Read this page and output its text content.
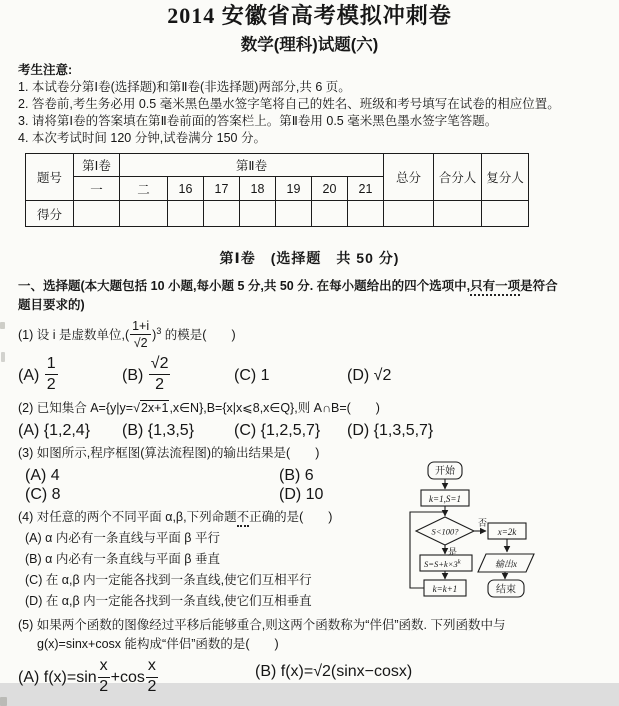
2014 安徽省高考模拟冲刺卷
数学(理科)试题(六)
考生注意:
1. 本试卷分第Ⅰ卷(选择题)和第Ⅱ卷(非选择题)两部分,共 6 页。
2. 答卷前,考生务必用 0.5 毫米黑色墨水签字笔将自己的姓名、班级和考号填写在试卷的相应位置。
3. 请将第Ⅰ卷的答案填在第Ⅱ卷前面的答案栏上。第Ⅱ卷用 0.5 毫米黑色墨水签字笔答题。
4. 本次考试时间 120 分钟,试卷满分 150 分。
题号	第Ⅰ卷	第Ⅱ卷							总分	合分人	复分人
	一	二	16	17	18	19	20	21			
得分											
第Ⅰ卷　(选择题　共 50 分)
一、选择题(本大题包括 10 小题,每小题 5 分,共 50 分. 在每小题给出的四个选项中,只有一项是符合
题目要求的)
(1) 设 i 是虚数单位,( $\frac{1+i}{√2} )^3$ 的模是(　　)
$(A) \frac{1}{2}$	$(B) \frac{√2}{2}$	(C) 1	(D) √2
(2) 已知集合 A={y|y=√2x+1,x∈N},B={x|x⩽8,x∈Q},则 A∩B=(　　)
(A) {1,2,4}	(B) {1,3,5}	(C) {1,2,5,7}	(D) {1,3,5,7}
(3) 如图所示,程序框图(算法流程图)的输出结果是(　　)
(A) 4	(B) 6
(C) 8	(D) 10
(4) 对任意的两个不同平面 α,β,下列命题不正确的是(　　)
(A) α 内必有一条直线与平面 β 平行
(B) α 内必有一条直线与平面 β 垂直
(C) 在 α,β 内一定能各找到一条直线,使它们互相平行
(D) 在 α,β 内一定能各找到一条直线,使它们互相垂直
(5) 如果两个函数的图像经过平移后能够重合,则这两个函数称为“伴侣”函数. 下列函数中与
g(x)=sinx+cosx 能构成“伴侣”函数的是(　　)
(A) $f(x)=\sin \frac{x}{2} +\cos \frac{x}{2}$	(B) f(x)=√2(sinx−cosx)
开始
k=1,S=1
S<100?
否
x=2k
是
$S=S+k\times 3^k$
k=k+1
输出x
结束
